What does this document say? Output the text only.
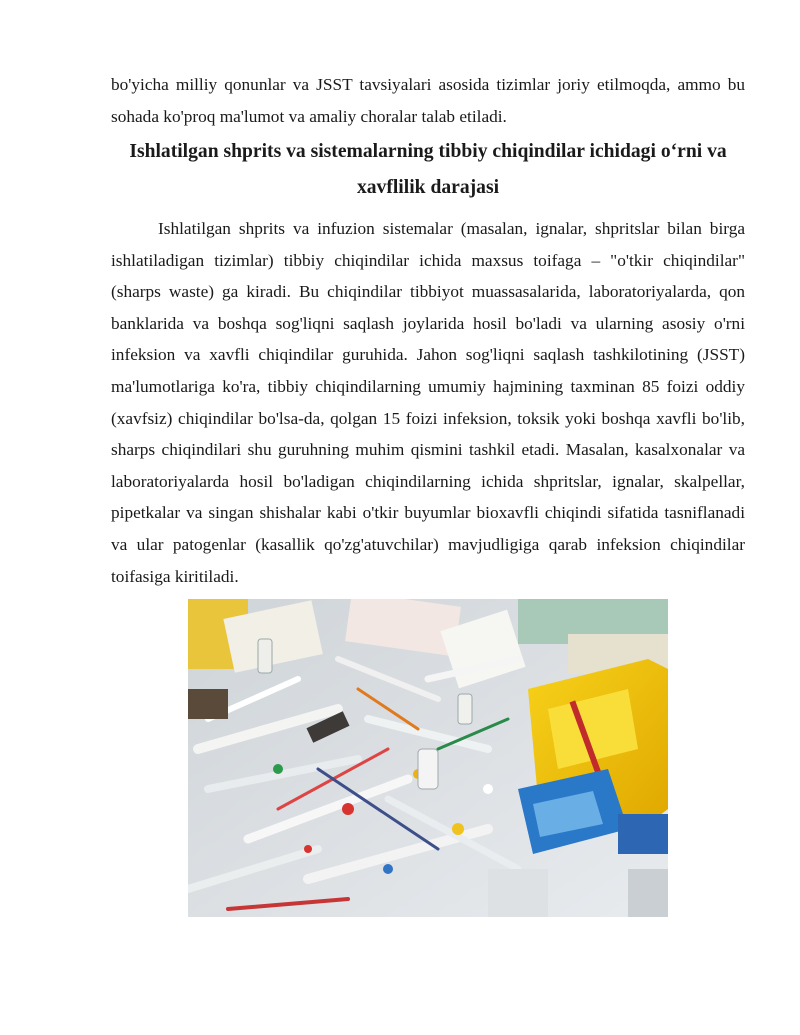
bo'yicha milliy qonunlar va JSST tavsiyalari asosida tizimlar joriy etilmoqda, ammo bu sohada ko'proq ma'lumot va amaliy choralar talab etiladi.

Ishlatilgan shprits va sistemalarning tibbiy chiqindilar ichidagi o‘rni va xavflilik darajasi

Ishlatilgan shprits va infuzion sistemalar (masalan, ignalar, shpritslar bilan birga ishlatiladigan tizimlar) tibbiy chiqindilar ichida maxsus toifaga – "o'tkir chiqindilar" (sharps waste) ga kiradi. Bu chiqindilar tibbiyot muassasalarida, laboratoriyalarda, qon banklarida va boshqa sog'liqni saqlash joylarida hosil bo'ladi va ularning asosiy o'rni infeksion va xavfli chiqindilar guruhida. Jahon sog'liqni saqlash tashkilotining (JSST) ma'lumotlariga ko'ra, tibbiy chiqindilarning umumiy hajmining taxminan 85 foizi oddiy (xavfsiz) chiqindilar bo'lsa-da, qolgan 15 foizi infeksion, toksik yoki boshqa xavfli bo'lib, sharps chiqindilari shu guruhning muhim qismini tashkil etadi. Masalan, kasalxonalar va laboratoriyalarda hosil bo'ladigan chiqindilarning ichida shpritslar, ignalar, skalpellar, pipetkalar va singan shishalar kabi o'tkir buyumlar bioxavfli chiqindi sifatida tasniflanadi va ular patogenlar (kasallik qo'zg'atuvchilar) mavjudligiga qarab infeksion chiqindilar toifasiga kiritiladi.
